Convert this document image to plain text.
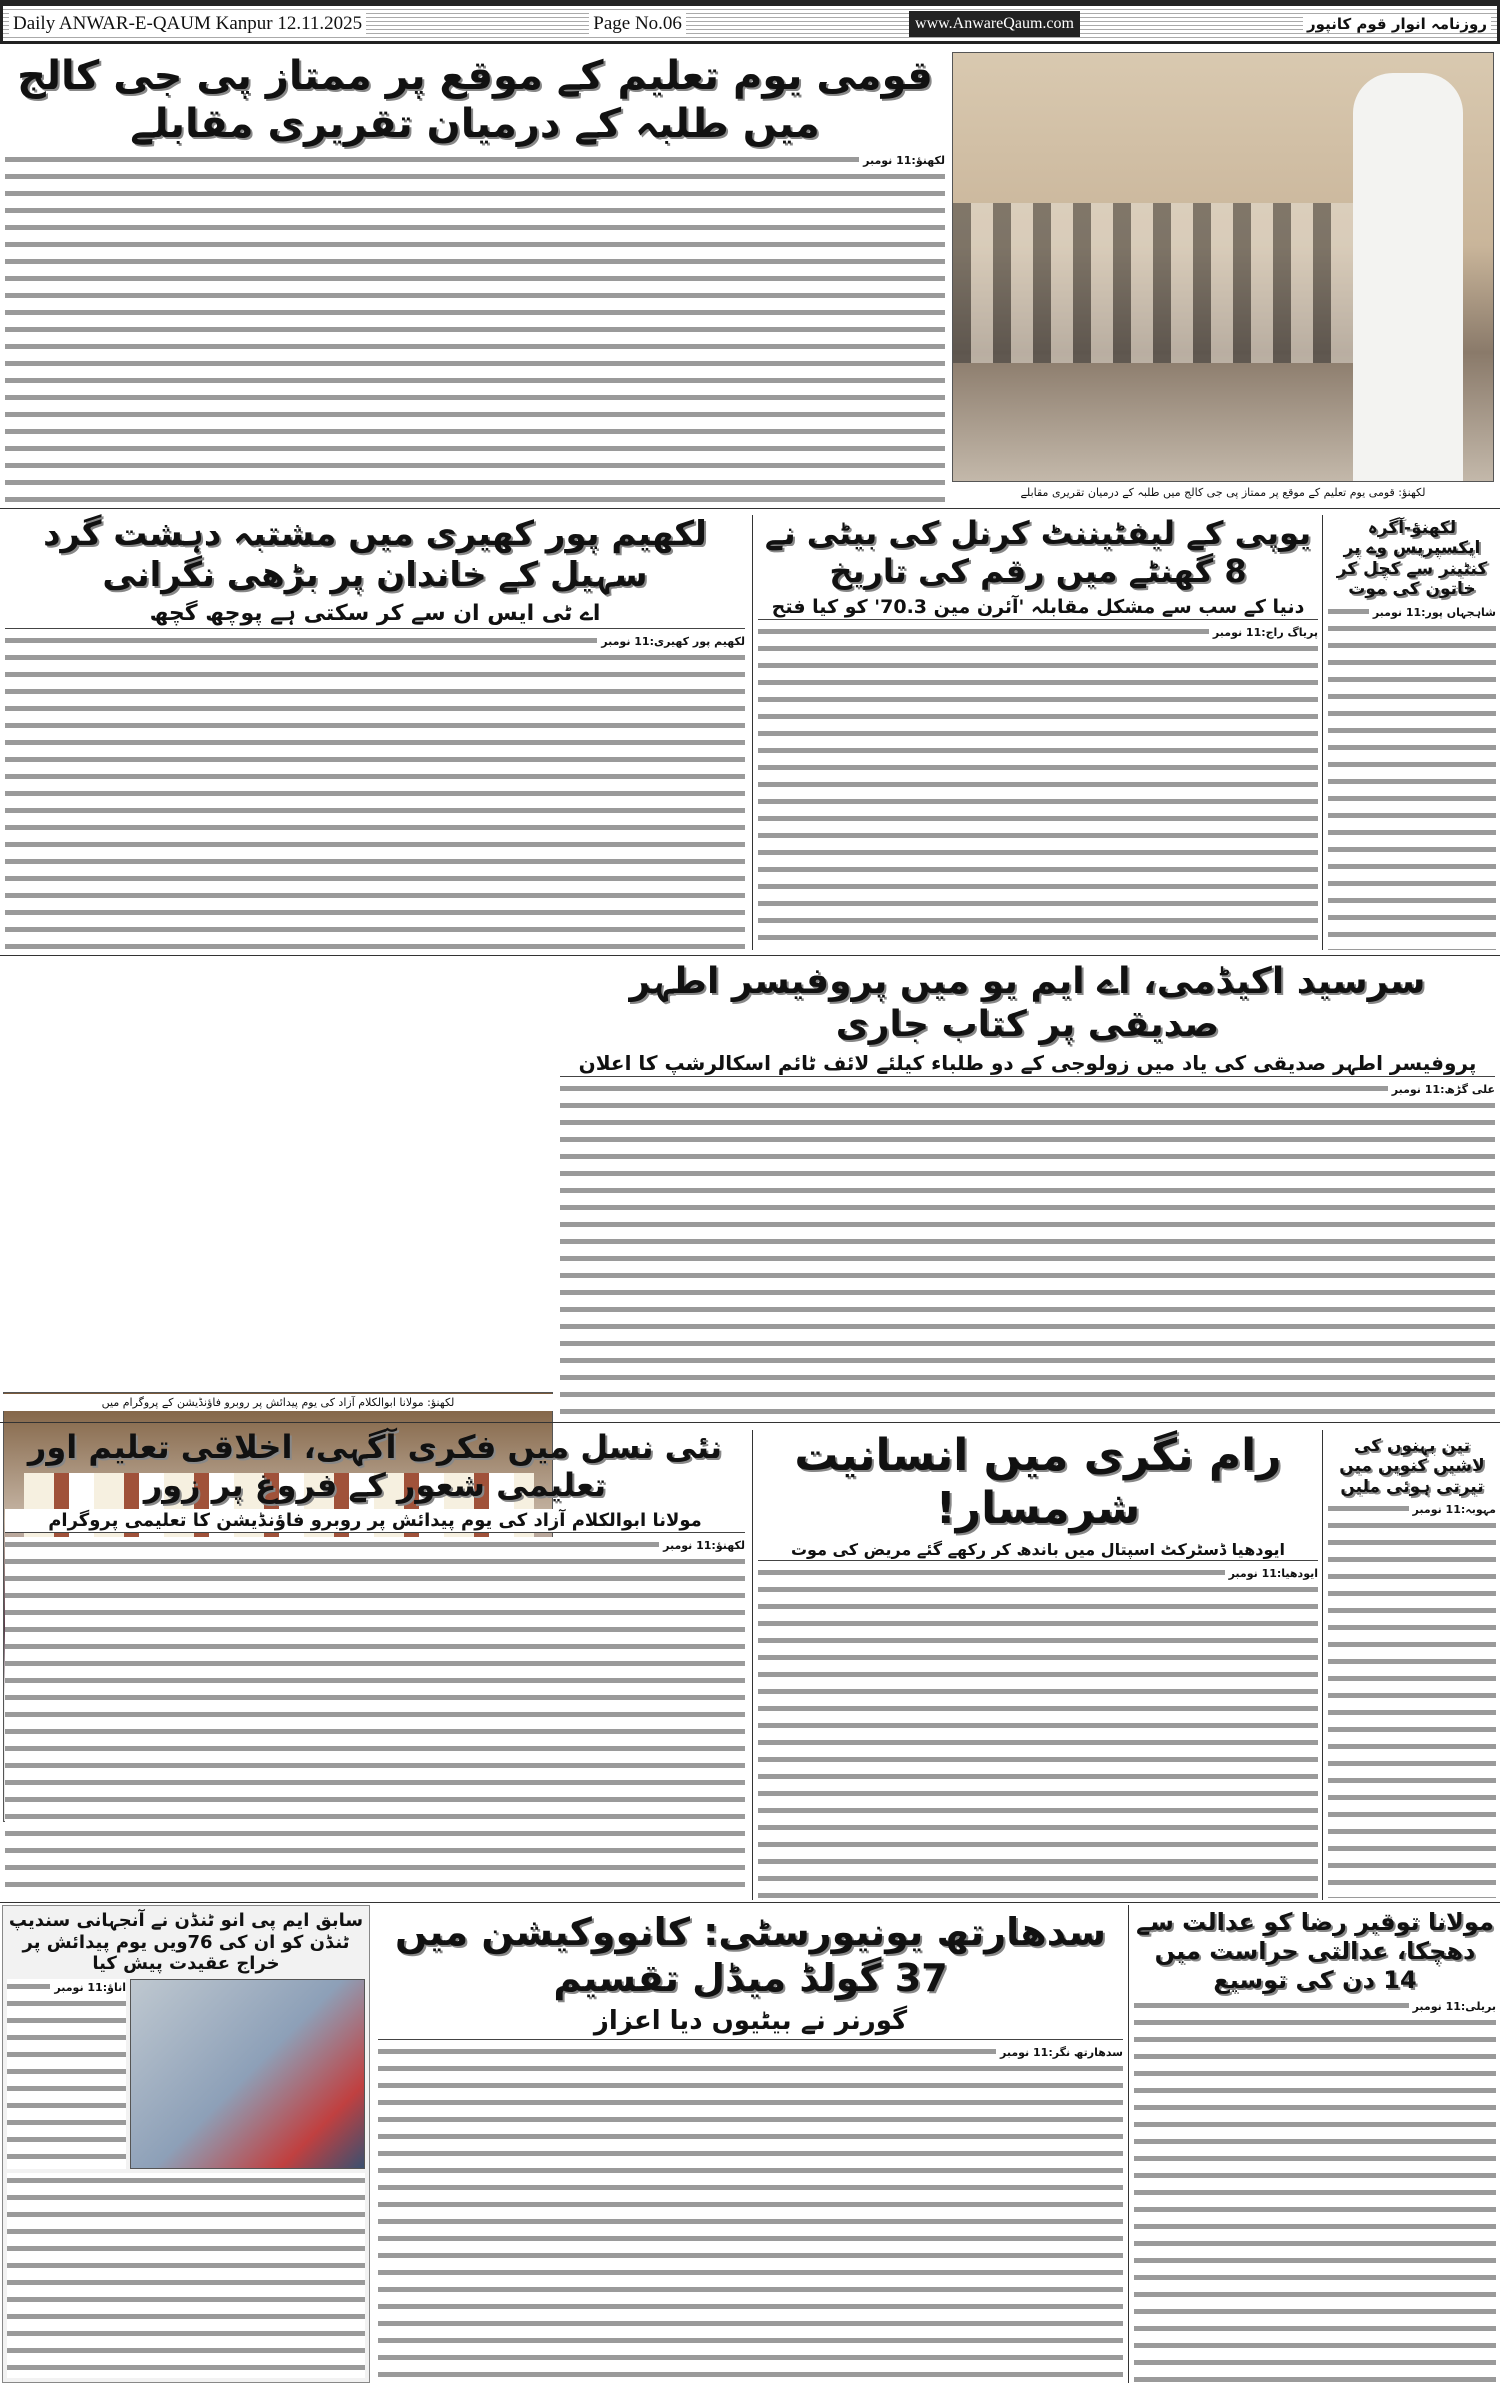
Daily ANWAR-E-QAUM Kanpur 12.11.2025	Page No.06	www.AnwareQaum.com	روزنامہ انوار قوم کانپور
قومی یوم تعلیم کے موقع پر ممتاز پی جی کالج میں طلبہ کے درمیان تقریری مقابلے
لکھنؤ:11 نومبر
لکھنؤ: قومی یوم تعلیم کے موقع پر ممتاز پی جی کالج میں طلبہ کے درمیان تقریری مقابلے
لکھیم پور کھیری میں مشتبہ دہشت گرد سہیل کے خاندان پر بڑھی نگرانی
اے ٹی ایس ان سے کر سکتی ہے پوچھ گچھ
لکھیم پور کھیری:11 نومبر
یوپی کے لیفٹیننٹ کرنل کی بیٹی نے 8 گھنٹے میں رقم کی تاریخ
دنیا کے سب سے مشکل مقابلہ 'آئرن مین 70.3' کو کیا فتح
پریاگ راج:11 نومبر
لکھنؤ-آگرہ ایکسپریس وے پر کنٹینر سے کچل کر خاتون کی موت
شاہجہاں پور:11 نومبر
لکھنؤ: مولانا ابوالکلام آزاد کی یوم پیدائش پر روبرو فاؤنڈیشن کے پروگرام میں
سرسید اکیڈمی، اے ایم یو میں پروفیسر اطہر صدیقی پر کتاب جاری
پروفیسر اطہر صدیقی کی یاد میں زولوجی کے دو طلباء کیلئے لائف ٹائم اسکالرشپ کا اعلان
علی گڑھ:11 نومبر
نئی نسل میں فکری آگہی، اخلاقی تعلیم اور تعلیمی شعور کے فروغ پر زور
مولانا ابوالکلام آزاد کی یوم پیدائش پر روبرو فاؤنڈیشن کا تعلیمی پروگرام
لکھنؤ:11 نومبر
رام نگری میں انسانیت شرمسار!
ایودھیا ڈسٹرکٹ اسپتال میں باندھ کر رکھے گئے مریض کی موت
ایودھیا:11 نومبر
تین بہنوں کی لاشیں کنویں میں تیرتی ہوئی ملیں
مہوبہ:11 نومبر
سابق ایم پی انو ٹنڈن نے آنجہانی سندیپ ٹنڈن کو ان کی 76ویں یوم پیدائش پر خراج عقیدت پیش کیا
اناؤ:11 نومبر
سدھارتھ یونیورسٹی: کانووکیشن میں 37 گولڈ میڈل تقسیم
گورنر نے بیٹیوں دیا اعزاز
سدھارتھ نگر:11 نومبر
مولانا توقیر رضا کو عدالت سے دھچکا، عدالتی حراست میں 14 دن کی توسیع
بریلی:11 نومبر
